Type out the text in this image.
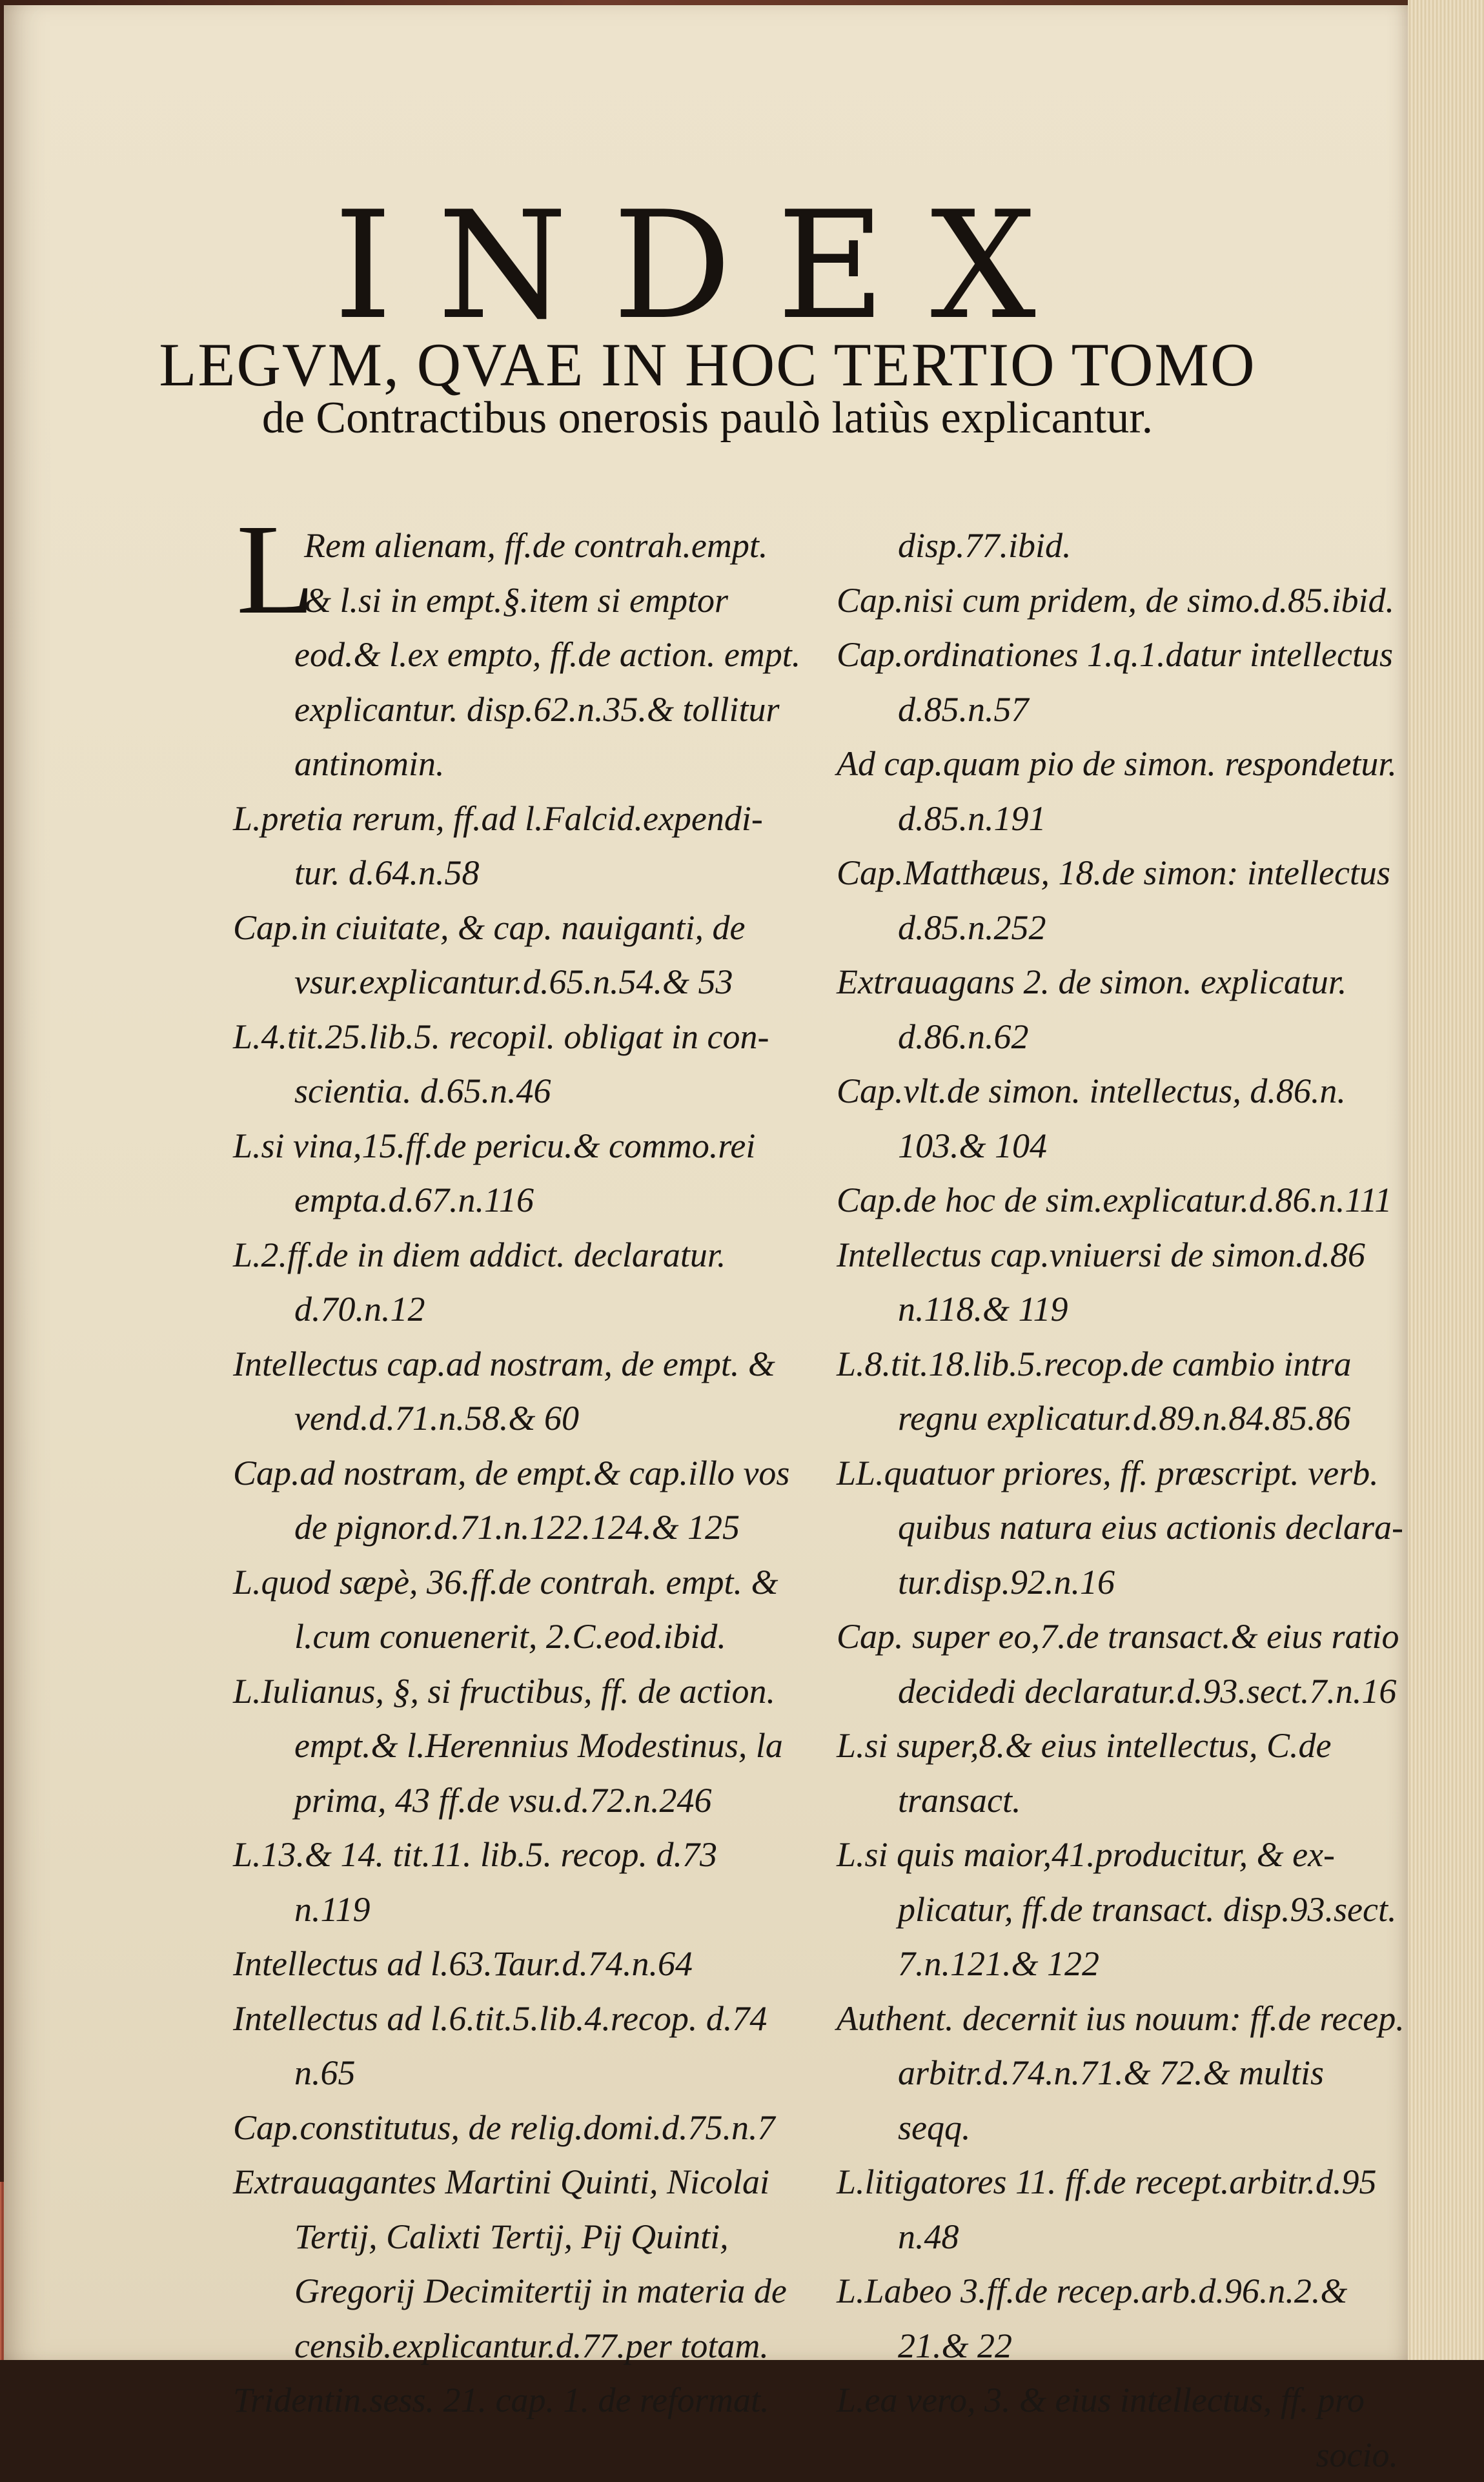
INDEX
LEGVM, QVAE IN HOC TERTIO TOMO
de Contractibus onerosis paulò latiùs explicantur.
L
Rem alienam, ff.de contrah.empt.
& l.si in empt.§.item si emptor
eod.& l.ex empto, ff.de action. empt.
explicantur. disp.62.n.35.& tollitur
antinomin.
L.pretia rerum, ff.ad l.Falcid.expendi-
tur. d.64.n.58
Cap.in ciuitate, & cap. nauiganti, de
vsur.explicantur.d.65.n.54.& 53
L.4.tit.25.lib.5. recopil. obligat in con-
scientia. d.65.n.46
L.si vina,15.ff.de pericu.& commo.rei
empta.d.67.n.116
L.2.ff.de in diem addict. declaratur.
d.70.n.12
Intellectus cap.ad nostram, de empt. &
vend.d.71.n.58.& 60
Cap.ad nostram, de empt.& cap.illo vos
de pignor.d.71.n.122.124.& 125
L.quod sæpè, 36.ff.de contrah. empt. &
l.cum conuenerit, 2.C.eod.ibid.
L.Iulianus, §, si fructibus, ff. de action.
empt.& l.Herennius Modestinus, la
prima, 43 ff.de vsu.d.72.n.246
L.13.& 14. tit.11. lib.5. recop. d.73
n.119
Intellectus ad l.63.Taur.d.74.n.64
Intellectus ad l.6.tit.5.lib.4.recop. d.74
n.65
Cap.constitutus, de relig.domi.d.75.n.7
Extrauagantes Martini Quinti, Nicolai
Tertij, Calixti Tertij, Pij Quinti,
Gregorij Decimitertij in materia de
censib.explicantur.d.77.per totam.
Tridentin.sess. 21. cap. 1. de reformat.
disp.77.ibid.
Cap.nisi cum pridem, de simo.d.85.ibid.
Cap.ordinationes 1.q.1.datur intellectus
d.85.n.57
Ad cap.quam pio de simon. respondetur.
d.85.n.191
Cap.Matthæus, 18.de simon: intellectus
d.85.n.252
Extrauagans 2. de simon. explicatur.
d.86.n.62
Cap.vlt.de simon. intellectus, d.86.n.
103.& 104
Cap.de hoc de sim.explicatur.d.86.n.111
Intellectus cap.vniuersi de simon.d.86
n.118.& 119
L.8.tit.18.lib.5.recop.de cambio intra
regnu explicatur.d.89.n.84.85.86
LL.quatuor priores, ff. præscript. verb.
quibus natura eius actionis declara-
tur.disp.92.n.16
Cap. super eo,7.de transact.& eius ratio
decidedi declaratur.d.93.sect.7.n.16
L.si super,8.& eius intellectus, C.de
transact.
L.si quis maior,41.producitur, & ex-
plicatur, ff.de transact. disp.93.sect.
7.n.121.& 122
Authent. decernit ius nouum: ff.de recep.
arbitr.d.74.n.71.& 72.& multis
seqq.
L.litigatores 11. ff.de recept.arbitr.d.95
n.48
L.Labeo 3.ff.de recep.arb.d.96.n.2.&
21.& 22
L.ea vero, 3. & eius intellectus, ff. pro
socio.
